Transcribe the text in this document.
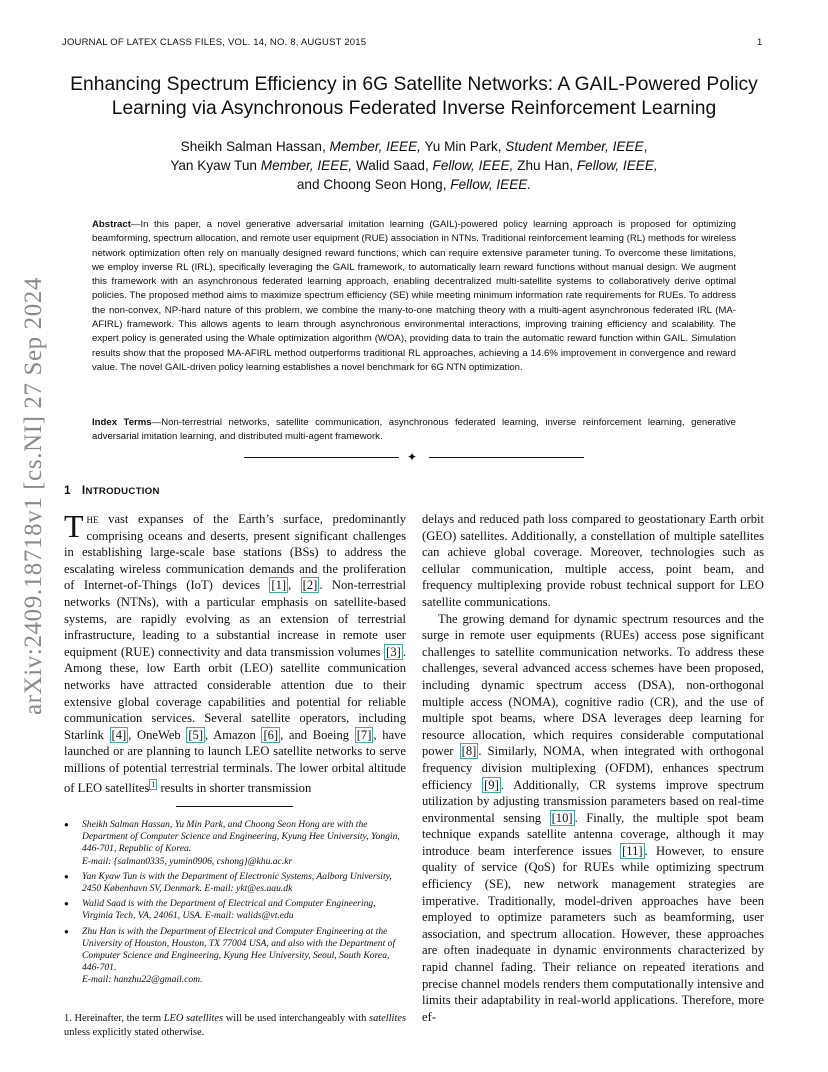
JOURNAL OF LATEX CLASS FILES, VOL. 14, NO. 8, AUGUST 2015	1
arXiv:2409.18718v1 [cs.NI] 27 Sep 2024
Enhancing Spectrum Efficiency in 6G Satellite Networks: A GAIL-Powered Policy
Learning via Asynchronous Federated Inverse Reinforcement Learning
Sheikh Salman Hassan, Member, IEEE, Yu Min Park, Student Member, IEEE,
Yan Kyaw Tun Member, IEEE, Walid Saad, Fellow, IEEE, Zhu Han, Fellow, IEEE,
and Choong Seon Hong, Fellow, IEEE.
Abstract—In this paper, a novel generative adversarial imitation learning (GAIL)-powered policy learning approach is proposed for optimizing beamforming, spectrum allocation, and remote user equipment (RUE) association in NTNs. Traditional reinforcement learning (RL) methods for wireless network optimization often rely on manually designed reward functions, which can require extensive parameter tuning. To overcome these limitations, we employ inverse RL (IRL), specifically leveraging the GAIL framework, to automatically learn reward functions without manual design. We augment this framework with an asynchronous federated learning approach, enabling decentralized multi-satellite systems to collaboratively derive optimal policies. The proposed method aims to maximize spectrum efficiency (SE) while meeting minimum information rate requirements for RUEs. To address the non-convex, NP-hard nature of this problem, we combine the many-to-one matching theory with a multi-agent asynchronous federated IRL (MA-AFIRL) framework. This allows agents to learn through asynchronous environmental interactions, improving training efficiency and scalability. The expert policy is generated using the Whale optimization algorithm (WOA), providing data to train the automatic reward function within GAIL. Simulation results show that the proposed MA-AFIRL method outperforms traditional RL approaches, achieving a 14.6% improvement in convergence and reward value. The novel GAIL-driven policy learning establishes a novel benchmark for 6G NTN optimization.
Index Terms—Non-terrestrial networks, satellite communication, asynchronous federated learning, inverse reinforcement learning, generative adversarial imitation learning, and distributed multi-agent framework.
✦
1 INTRODUCTION

The vast expanses of the Earth’s surface, predominantly comprising oceans and deserts, present significant challenges in establishing large-scale base stations (BSs) to address the escalating wireless communication demands and the proliferation of Internet-of-Things (IoT) devices [1] , [2] . Non-terrestrial networks (NTNs), with a particular emphasis on satellite-based systems, are rapidly evolving as an extension of terrestrial infrastructure, leading to a substantial increase in remote user equipment (RUE) connectivity and data transmission volumes [3] . Among these, low Earth orbit (LEO) satellite communication networks have attracted considerable attention due to their extensive global coverage capabilities and potential for reliable communication services. Several satellite operators, including Starlink [4] , OneWeb [5] , Amazon [6] , and Boeing [7] , have launched or are planning to launch LEO satellite networks to serve millions of potential terrestrial terminals. The lower orbital altitude of LEO satellites $^1$ results in shorter transmission

delays and reduced path loss compared to geostationary Earth orbit (GEO) satellites. Additionally, a constellation of multiple satellites can achieve global coverage. Moreover, technologies such as cellular communication, multiple access, point beam, and frequency multiplexing provide robust technical support for LEO satellite communications.

The growing demand for dynamic spectrum resources and the surge in remote user equipments (RUEs) access pose significant challenges to satellite communication networks. To address these challenges, several advanced access schemes have been proposed, including dynamic spectrum access (DSA), non-orthogonal multiple access (NOMA), cognitive radio (CR), and the use of multiple spot beams, where DSA leverages deep learning for resource allocation, which requires considerable computational power [8] . Similarly, NOMA, when integrated with orthogonal frequency division multiplexing (OFDM), enhances spectrum efficiency [9] . Additionally, CR systems improve spectrum utilization by adjusting transmission parameters based on real-time environmental sensing [10] . Finally, the multiple spot beam technique expands satellite antenna coverage, although it may introduce beam interference issues [11] . However, to ensure quality of service (QoS) for RUEs while optimizing spectrum efficiency (SE), new network management strategies are imperative. Traditionally, model-driven approaches have been employed to optimize parameters such as beamforming, user association, and spectrum allocation. However, these approaches are often inadequate in dynamic environments characterized by rapid channel fading. Their reliance on repeated iterations and precise channel models renders them computationally intensive and limits their adaptability in real-world applications. Therefore, more ef-

● Sheikh Salman Hassan, Yu Min Park, and Choong Seon Hong are with the Department of Computer Science and Engineering, Kyung Hee University, Yongin, 446-701, Republic of Korea.
E-mail: {salman0335, yumin0906, cshong}@khu.ac.kr
● Yan Kyaw Tun is with the Department of Electronic Systems, Aalborg University, 2450 København SV, Denmark. E-mail: ykt@es.aau.dk
● Walid Saad is with the Department of Electrical and Computer Engineering, Virginia Tech, VA, 24061, USA. E-mail: walids@vt.edu
● Zhu Han is with the Department of Electrical and Computer Engineering at the University of Houston, Houston, TX 77004 USA, and also with the Department of Computer Science and Engineering, Kyung Hee University, Seoul, South Korea, 446-701.
E-mail: hanzhu22@gmail.com.
1. Hereinafter, the term LEO satellites will be used interchangeably with satellites unless explicitly stated otherwise.
